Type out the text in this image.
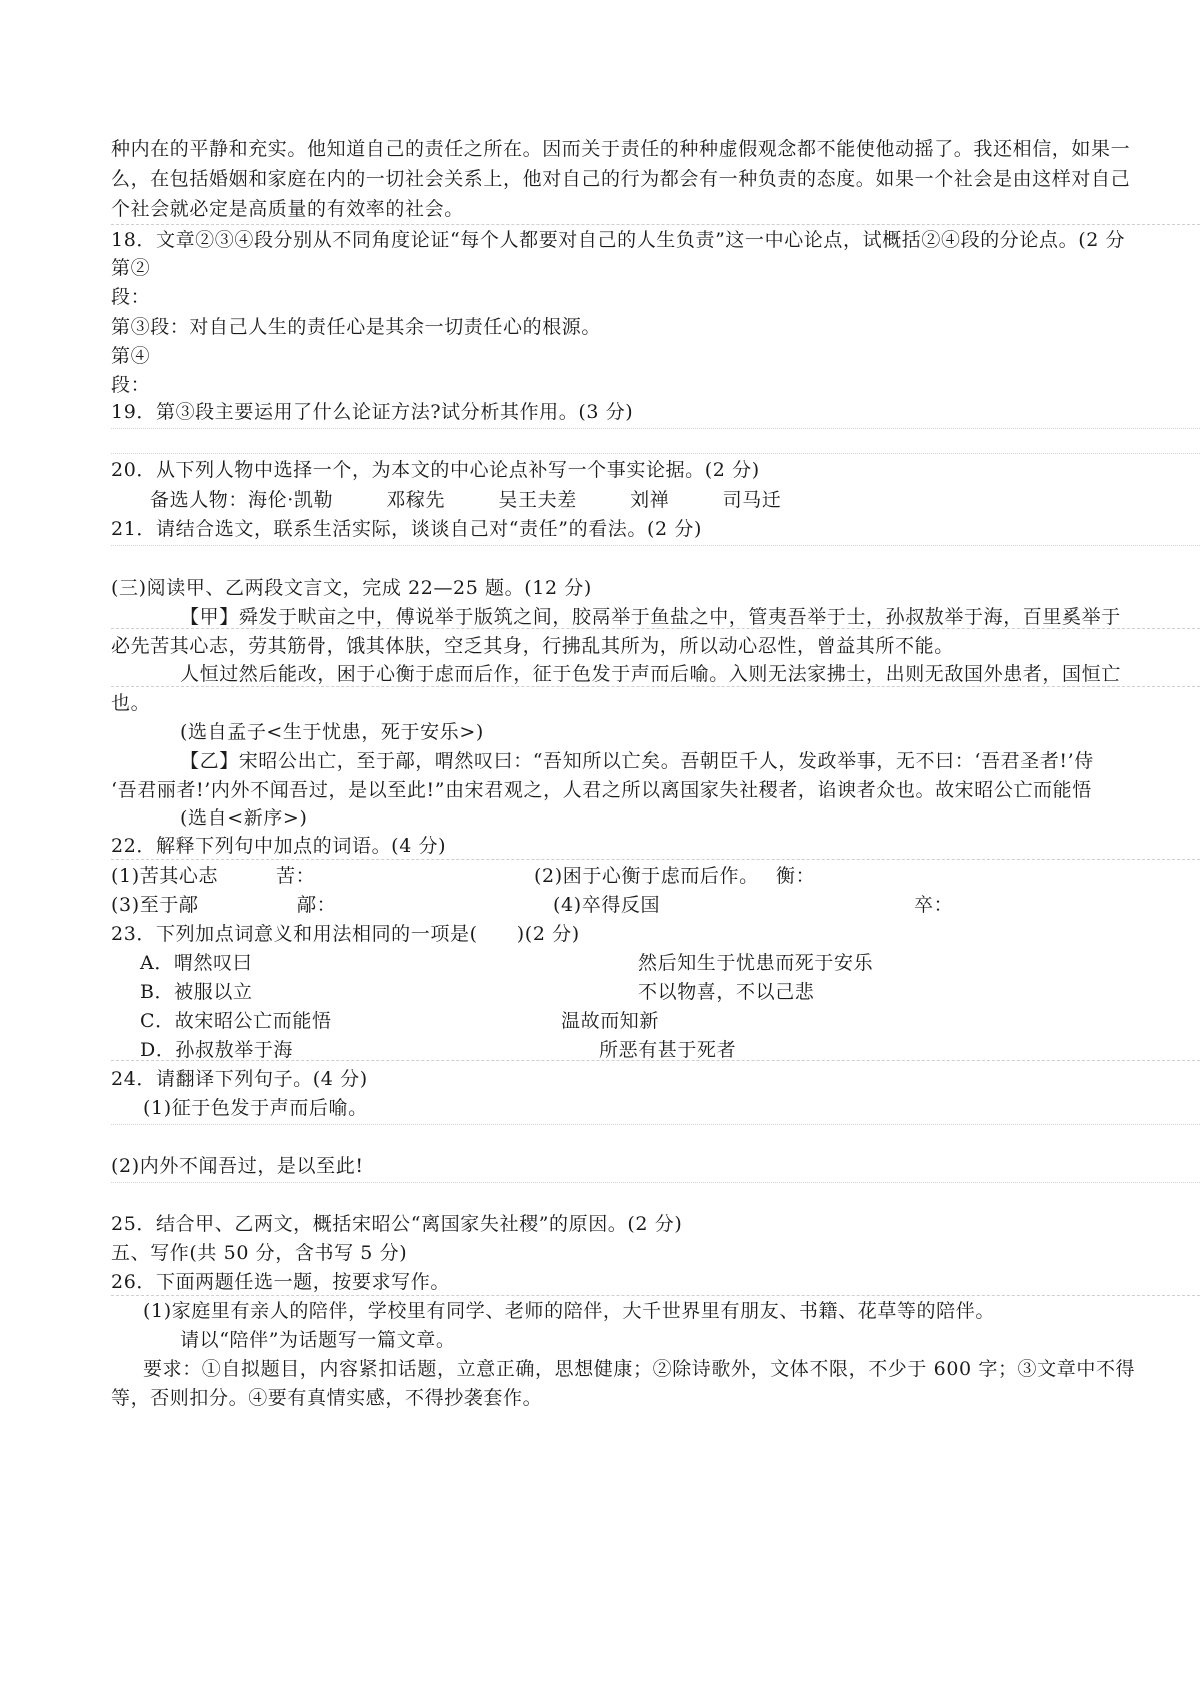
种内在的平静和充实。他知道自己的责任之所在。因而关于责任的种种虚假观念都不能使他动摇了。我还相信，如果一
么，在包括婚姻和家庭在内的一切社会关系上，他对自己的行为都会有一种负责的态度。如果一个社会是由这样对自己
个社会就必定是高质量的有效率的社会。
18．文章②③④段分别从不同角度论证“每个人都要对自己的人生负责”这一中心论点，试概括②④段的分论点。(2 分
第②
段：
第③段：对自己人生的责任心是其余一切责任心的根源。
第④
段：
19．第③段主要运用了什么论证方法?试分析其作用。(3 分)
20．从下列人物中选择一个，为本文的中心论点补写一个事实论据。(2 分)
备选人物：海伦·凯勒	邓稼先	吴王夫差	刘禅	司马迁
21．请结合选文，联系生活实际，谈谈自己对“责任”的看法。(2 分)
(三)阅读甲、乙两段文言文，完成 22—25 题。(12 分)
【甲】舜发于畎亩之中，傅说举于版筑之间，胶鬲举于鱼盐之中，管夷吾举于士，孙叔敖举于海，百里奚举于
必先苦其心志，劳其筋骨，饿其体肤，空乏其身，行拂乱其所为，所以动心忍性，曾益其所不能。
人恒过然后能改，困于心衡于虑而后作，征于色发于声而后喻。入则无法家拂士，出则无敌国外患者，国恒亡
也。
(选自孟子<生于忧患，死于安乐>)
【乙】宋昭公出亡，至于鄗，喟然叹曰：“吾知所以亡矣。吾朝臣千人，发政举事，无不曰：‘吾君圣者!’侍
‘吾君丽者!’内外不闻吾过，是以至此!”由宋君观之，人君之所以离国家失社稷者，谄谀者众也。故宋昭公亡而能悟
(选自<新序>)
22．解释下列句中加点的词语。(4 分)
(1)苦其心志	苦：	(2)困于心衡于虑而后作。 衡：
(3)至于鄗	鄗：	(4)卒得反国	卒：
23．下列加点词意义和用法相同的一项是(　　)(2 分)
A．喟然叹曰	然后知生于忧患而死于安乐
B．被服以立	不以物喜，不以己悲
C．故宋昭公亡而能悟	温故而知新
D．孙叔敖举于海	所恶有甚于死者
24．请翻译下列句子。(4 分)
(1)征于色发于声而后喻。
(2)内外不闻吾过，是以至此!
25．结合甲、乙两文，概括宋昭公“离国家失社稷”的原因。(2 分)
五、写作(共 50 分，含书写 5 分)
26．下面两题任选一题，按要求写作。
(1)家庭里有亲人的陪伴，学校里有同学、老师的陪伴，大千世界里有朋友、书籍、花草等的陪伴。
请以“陪伴”为话题写一篇文章。
要求：①自拟题目，内容紧扣话题，立意正确，思想健康；②除诗歌外，文体不限，不少于 600 字；③文章中不得
等，否则扣分。④要有真情实感，不得抄袭套作。
